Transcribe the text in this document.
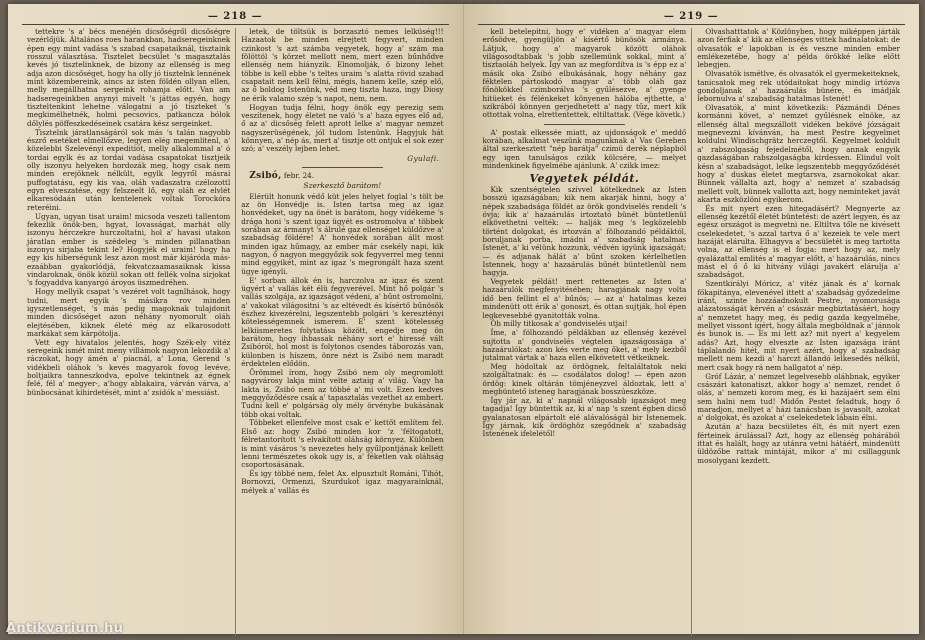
— 218 —

tettekre 's a' bécs menéjén dicsőségről dicsőségre vezérlőjük. Általános roes harankban, hadseregeinknek épen egy mint vadása 's szabad csapataiknál, tisztaink rosszul választása. Tisztelet becsület 's magasztalás kevés jó tisztelinknek, de bizony az ellenség is meg adja azon dicsőséget, hogy ha olly jó tisztelnk lennének mint közembereink, aincs az isten földén ollyan ellen, melly megállhatna sergeink rohamja előtt. Van am hadseregeinkben anynyi mivelt 's játtas egyén, hogy tiszteltenkint lehetne válogatni a jó tiszteket 's megkimélhetnék, holmi pecsovics, patkancza bólok dőlylés pöffeszkedéseinek csatára kész sergeinket.

Tisztelnk járatlanságáról sok más 's talán nagyobb észrő esetéket elmellőzve, legyen elég megemlitenl, a' közelebbi Szelevényi expeditiót, melly alkalommal a' ó tordai egylk és az tordai vadása csapatokat tisztjeik olly iszonyu helyeken hordozák meg, hogy csak nem minden erejöknek nélkült, egylk legyről másrai puffogtatásu, egy kis vaa, oláh vadaszatra czélozottl egyn elveszatése, egy felszeelt lő, egy oláh ez elvlét elkaresódaán után kentelenek voltak Torockóra reteréini.

Ugyan, ugyan tisat uraim! micsoda veszeti tallentom fekezlik önök-ben, hgyat, lovasságat, marhát olly iszonyu hérczekre hurczoltatni, hol a' havasi utakon járatlan ember is szédeleg 's minden pillanatban iszonyu sirjaba tekint le? Hogyjék el uraim! hogy ha egy kis hiberségunk lesz azon most már kijáróda más-ezaábban gyakorlódjá, fekvatczaamasaiknak kissa vindaroknak, önök közül sokan ott fellék volna sirjokat 's fogyaddva kanyargó ároyos üszmedréhen.

Hogy mellyik csapat 's vezéret volt tagnlhások, hogy tudni, mert egyik 's másikra rov minden igyszetlenséget, 's más pedig magoknak tulajdonit minden dicsőséget azon néhány nyomorult oláh elejtésében, kiknek életé még az elkarosodott markákat sem kárpótolja.

Vett egy hivatalos jelentés, hogy Szék-ely vitéz seregeink ismét mint meny villámok nagyon lekozdik a' ráczokat, hogy ámén a' piacnál, a' Lona, Gerend 's vidékbeli oláhok 's kevés magyarok fovog levéve, boltjaikra tanneszkodva, epolve tekintnek az égnek felé, fél a' megyer-, a'hogy ablakaira, várván várva, a' bünbocsánat kihirdetését, mint a' zsidók a' messiást.

letek, de töltsük is borzasztó nemes lelküség!!! Hazaatok be minden elrejtett fegyvert, minden czinkost 's azt számba vegyetek, hogy a' szám ma fölöttöl 's körzet mellott nem, mert ezen bűnhődve ellenség nem hiányzik. Elnomolják, ő bizony lehet többe is kell ebbe 's teltes uraim 's alatta rövid szabad csapatait nem kell félni, mégis, hanem kelle, szép elő, az ő boldog Istenünk, véd meg tiszta haza, ingy Diosy ne érik valamo szép 's napot, nem, nem.

Hogyan tudja félni, hogy önök egy perezig sem veszítenek, hogy életet ne való 's a' haza egyes elő ad, ő az a' dicsőség felett aprott lelke a' magyar nemzet nagyszerüségének, jól tudom Istenünk. Hagyjuk hát könnyen, a' nép ás, mert a' tisztje ott ontjuk el sok ezer szó; a' veszély lejben lehet.

Gyulafi.

Zsibó, febr. 24.

Szerkesztő barátom!

Elérült honunk védő küt jeles helyet foglal 's tölt be az ön Honvédje is. Isten tartsa meg az igaz honvédeket, ugy na önét is barátom, hogy vidékeme 's drága honi 's szent igaz ügyét es ostromolva a' többek sorában az ármanyt 's álrulé gaz ellenséget küldőzve a' szabadság földére! A' honvédek sorában állt most minden igaz hűmagy, az ember már csekély napi, kik nagyon, ő nagyon meggyőzik sok fegyverrel meg tenni mind eggyikét, mint az igaz 's megrongált haza szent ügye igényli.

E' sorban állok én is, harczolva az igaz és szent ügyért a' vallás két élü fegyverével. Mint hő polgár 's vallás szolgája, az igazságot védeni, a' bűnt ostromolni, a' vakokat világositni 's az eltévedt és kísértő bűnösök észhez kivezérelni, legszentebb polgári 's keresztényi kötelességemnek ismerem. E' szent kötelesség lelkiismeretes folytatása között, engedje meg ön barátom, hogy ihbassak néhány sort e' hiressé vált Zsibóról, hol most is folytonos csendes táborozás van, külonben is híszem, önre nézt is Zsibó nem maradt érdektelen elődön.

Örömmel írom, hogy Zsibó nem oly megromlott nagyvárosy lakja mint velte aztaig a' világ. Vagy ha lakta is, Zsibó nem az többé a' mi volt. Ezen kedves meggyőződésre csak a' tapasztalás vezethet az embert. Tudni kell e' polgárság oly mély örvénybe bukásának több okai voltak.

Többeket ellenfelve most csak e' kettőt említem fel. Első az: hogy Zsibó minden kor 'z 'féltogatott, félretantorított 's elvakított oláhság környez. Különben is mint vásáros 's nevezetes hely gyűlpontjának kellett lenni természetes okok ugy is, a' féketlen vak oláhság csoportosásának.

És igy többé nem, felet Ax. elpusztult Románi, Tihót, Bornovzi, Ormenzi, Szurdukot igaz magyarainknál, mélyek a' vallás és

— 219 —

kell betelepitni, hogy e' vidéken a' magyar elem erősödve, gyengüljön a' kísértő bünösök ármánya. Látjuk, hogy a' magyarok között oláhok világosodtabbak 's jobb szellemünk sokkal, mint a' tisztaoláh helyek. Így van az megfordítva is 's épp ez a' másik oka Zsibó elbukásának, hogy néhány gaz féktelen pártoskodó magyar a' több oláh gaz főnökökkel czimborálva 's gyűlésezve, a' gyenge hitüeket és félénkeket könyenen hálóba ejthette, a' szikrából könnyen gerjedhetett a' nagy tűz, mert kik ottottak volna, elrettentettek, eltiltattak. (Vége követk.)

A' postak elkessée miatt, az ujdonságok e' meddő korában, alkalmat veszünk magunknak a' Vas Gereben által szerkesztett "nép barátja" czimü derék néplapból egy igen tanulságos czikk kölcsére, — melyet mindenkinek figyelmébe ajánlunk. A' czikk imez:

Vegyetek példát.

Kik szentségtelen szívvel kötelkednek az Isten bosszú igazságában; kik nem akarják hinni, hogy a' népek szabadsága földét az örök gondviselés rendeli 's óvja; kik a' hazaárulás irtoztató bünét büntetlenül elkövethetni velték: — halják meg 's legközelebb történt dolgokat, és irtozván a' fölhozandó példáktól, boruljanak porba, imádni a' szabadság hatalmas Istenét, a' ki vélünk hozzunk, védvén igyünk igazságát; — és adjanak hálát a' bűnt szoken kérlelhetlen Istennek, hogy a' hazaárulás bűnét büntetlenül nem hagyja.

Vegyetek példát! mert rettenetes az Isten a' hazaárulók megfenyitésében; haragjának nagy volta idő ben fellint el a' bűnös; — az a' hatalmas kezei mindenütt ott érik a' gonoszt, és ottan sujtják, hol épen legkevesebbé gyanitották volna.

Óh milly titkosak a' gondviselés utjai!

Íme, a' fölhozandó példákban az ellenség kezével sujtotta a' gondviselés végtelen igazságossága a' hazaárulókat: azon kés verte meg őket, a' mely kezből jutalmat vártak a' haza ellen elkövetett vétkeiknek.

Meg hódoltak az ördögnek, feltaláltatok neki szolgáltatnak: és — csodálatos dolog! — épen azon ördög: kinek oltárán tömjéneyzvel áldoztak, lett a' megbüntető isteneg haragjának bosszúeszköze.

Így jár az, ki a' napnál világosabb igazságot meg tagadja! Így büntettik az, ki a' nap 's szent égben dicső gyalanatosan elpártolt elé alávalóságál bir Istenemek. Így járnak, kik ördöghöz szegődnek a' szabadság Istenének ifelelétől!

Olvashatttatok a' Közlönyben, hogy miképpen járták azon férfiak a' kik az ellenséges vittek hadnalatokat: de olvasatók e' lapokban is és veszne minden ember emlékezetébe, hogy a' példa örökké lelke előtt lebegjen.

Olvasatók ismétlve, és olvasatók el gyermekeiteknek, tanicsatok meg rek utódaitokat hogy mindig irtózva gondoljanak a' hazaárulás bünére, és imádják lebornulva a' szabadság hatalmas Istenét!

Olvasatók, a' mint következik: Pázmándi Dénes kormánni követ, a' nemzet gyűlésnek elnöke, az ellenség által megszállott vidéken bekövé józságait megnevezni kívánván, ha mest Pestre kegyelmet koldulni Windischgrätz herczegtől. Kegyelmet koldult a' rabszolgaság fejedelmétől, hogy annak engyik gazdaságában rabszolgaságba kirdessen. Elindul volt késn a' szabadságot, lelke legszentebb meggyőződését hogy a' duskas életet megtarsva, zsarnokokat akar. Bünnek vállalta azt, hogy a' nemzet a' szabadság mellett volt, bünnek vallotta azt, hogy neminteket javát akarta eszközlöni egyikerom.

És mit nyert ezen hitegadásért? Megnyerte az ellenség kezétől életét büntetést: de azért legyen, és az egész országot is megvetni ne. Eltiltva tőle ne kivésett cselekedetet, 's azzal tartva ő a' kezeiek te vele mert hazáját elárulta. Elhagyva a' becsületét is meg tartotta volna, az ellenség is el fogja: mert hogy az, mely gyalázattal emlités a' magyar előtt, a' hazaárulás, nincs mást el ő ő ki hitvány világi javakért elárulja a' szabadságot.

Szentkirályi Móricz, a' vitéz jának és a' kornak főkapitánya, elevenével ittett a' szabadság győzedelme iránt, szinte hozzáadnokult Pestre, nyomorusága alázatosságát kérvén a' császár megbiztatásáért, hogy a' nemzetet hagy meg, és pedig gazda kegyelmébe, mellyet vissont igért, hogy általa megbóldnak a' jánnok és bunok is. — Es mi lett az? mit nyert a' kegyelem adás? Azt, hogy elveszte az Isten igazsága iránt táplalandó hitét, mit nyert azért, hogy a' szabadság mellett nem kezdi a' harczt állandó lelkesedés nélkül, mert csak hogy rá nem hallgatot a' nép.

Gróf Lázár, a' nemzet legelvesebb oláhbnak, egyiker császári katonatiszt, akkor hogy a' nemzet, rendet ő olás, a' nemzeti korom meg, és ki hazájaért sem élni sem halni nem tud! Midőn Pestet feladtuk, hogy ő maradjon, mellyet a' házi tanácsban is javasolt, azokat a' dolgokat, és azokat a' cselekedetek lábain élni.

Azután a' haza becsületes élt, és mit nyert ezen férteinek árulással? Azt, hogy az ellenség pohárából ittat és halált, hogy az utánra vetni hátáért, mindenütt üldözőbe rattak mintáját, mikor a' mi csillaggunk mosolygani kezdett.

Antikvarium.hu
